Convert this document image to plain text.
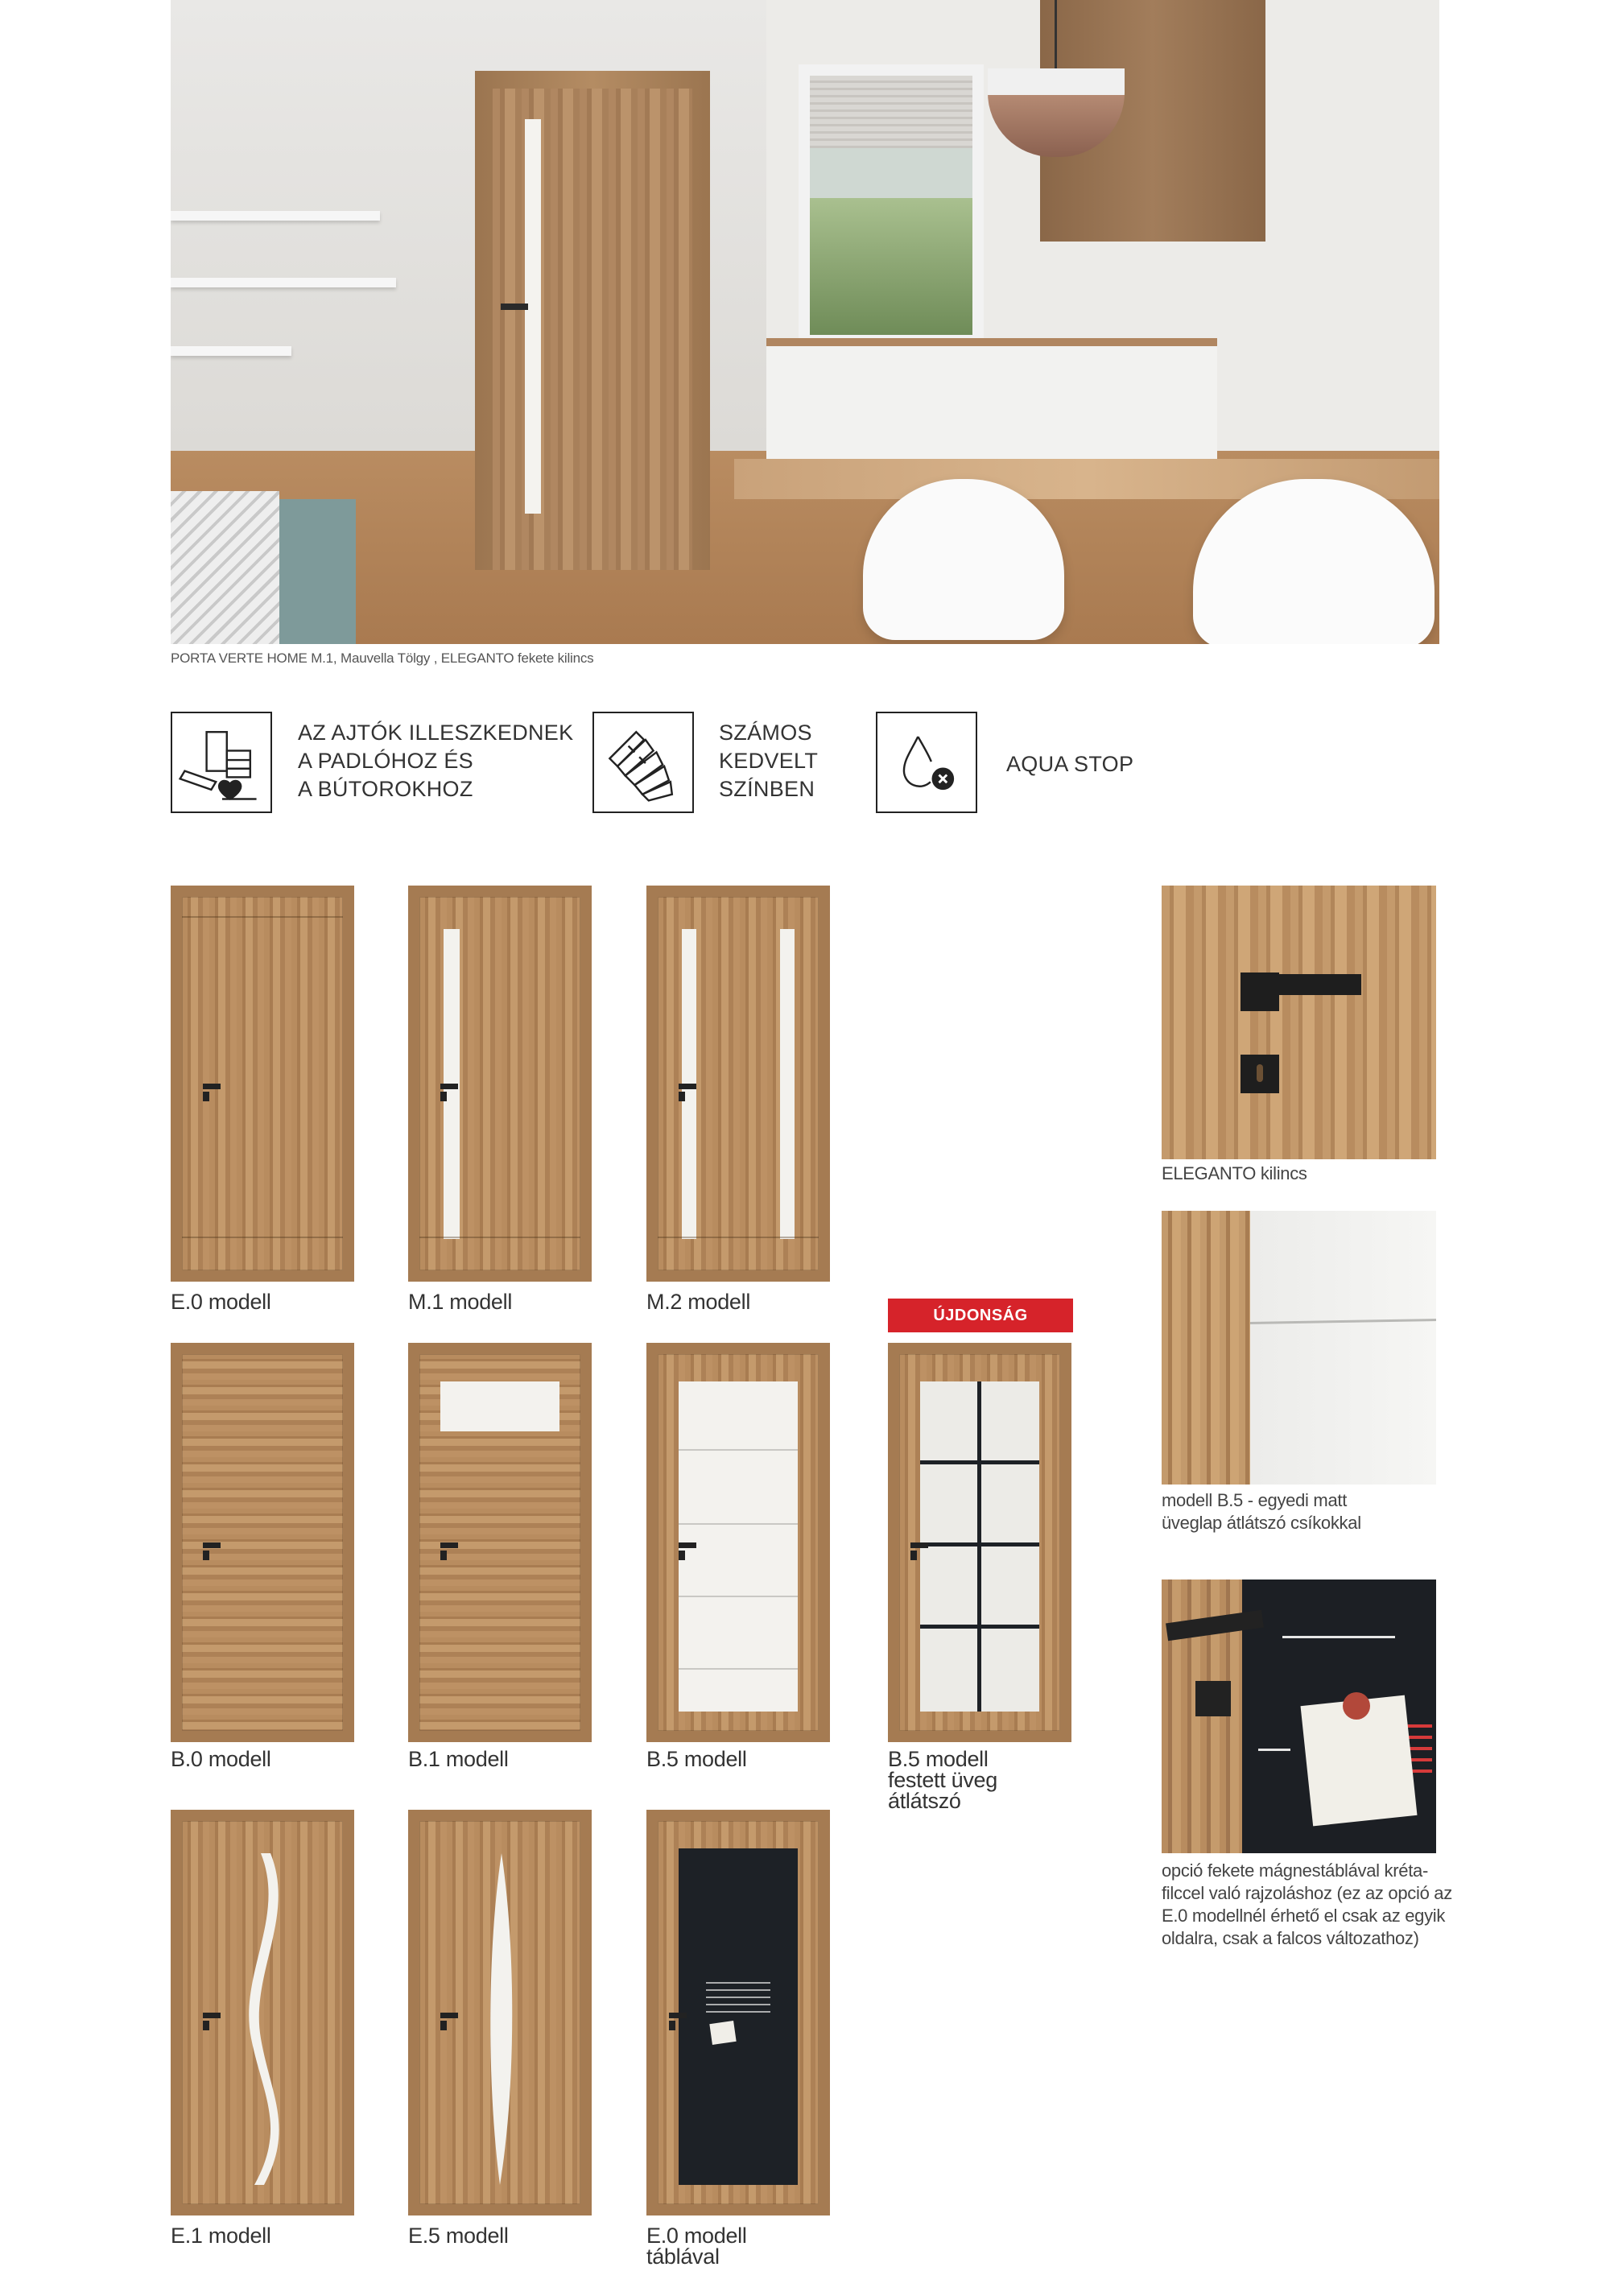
PORTA VERTE HOME M.1, Mauvella Tölgy , ELEGANTO fekete kilincs
AZ AJTÓK ILLESZKEDNEK
A PADLÓHOZ ÉS
A BÚTOROKHOZ
SZÁMOS
KEDVELT
SZÍNBEN
AQUA STOP
E.0 modell	M.1 modell	M.2 modell
ÚJDONSÁG
B.0 modell	B.1 modell	B.5 modell	B.5 modell
festett üveg
átlátszó
E.1 modell	E.5 modell	E.0 modell
táblával
ELEGANTO kilincs
modell B.5 - egyedi matt
üveglap átlátszó csíkokkal
opció fekete mágnestáblával kréta-
filccel való rajzoláshoz (ez az opció az
E.0 modellnél érhető el csak az egyik
oldalra, csak a falcos változathoz)
